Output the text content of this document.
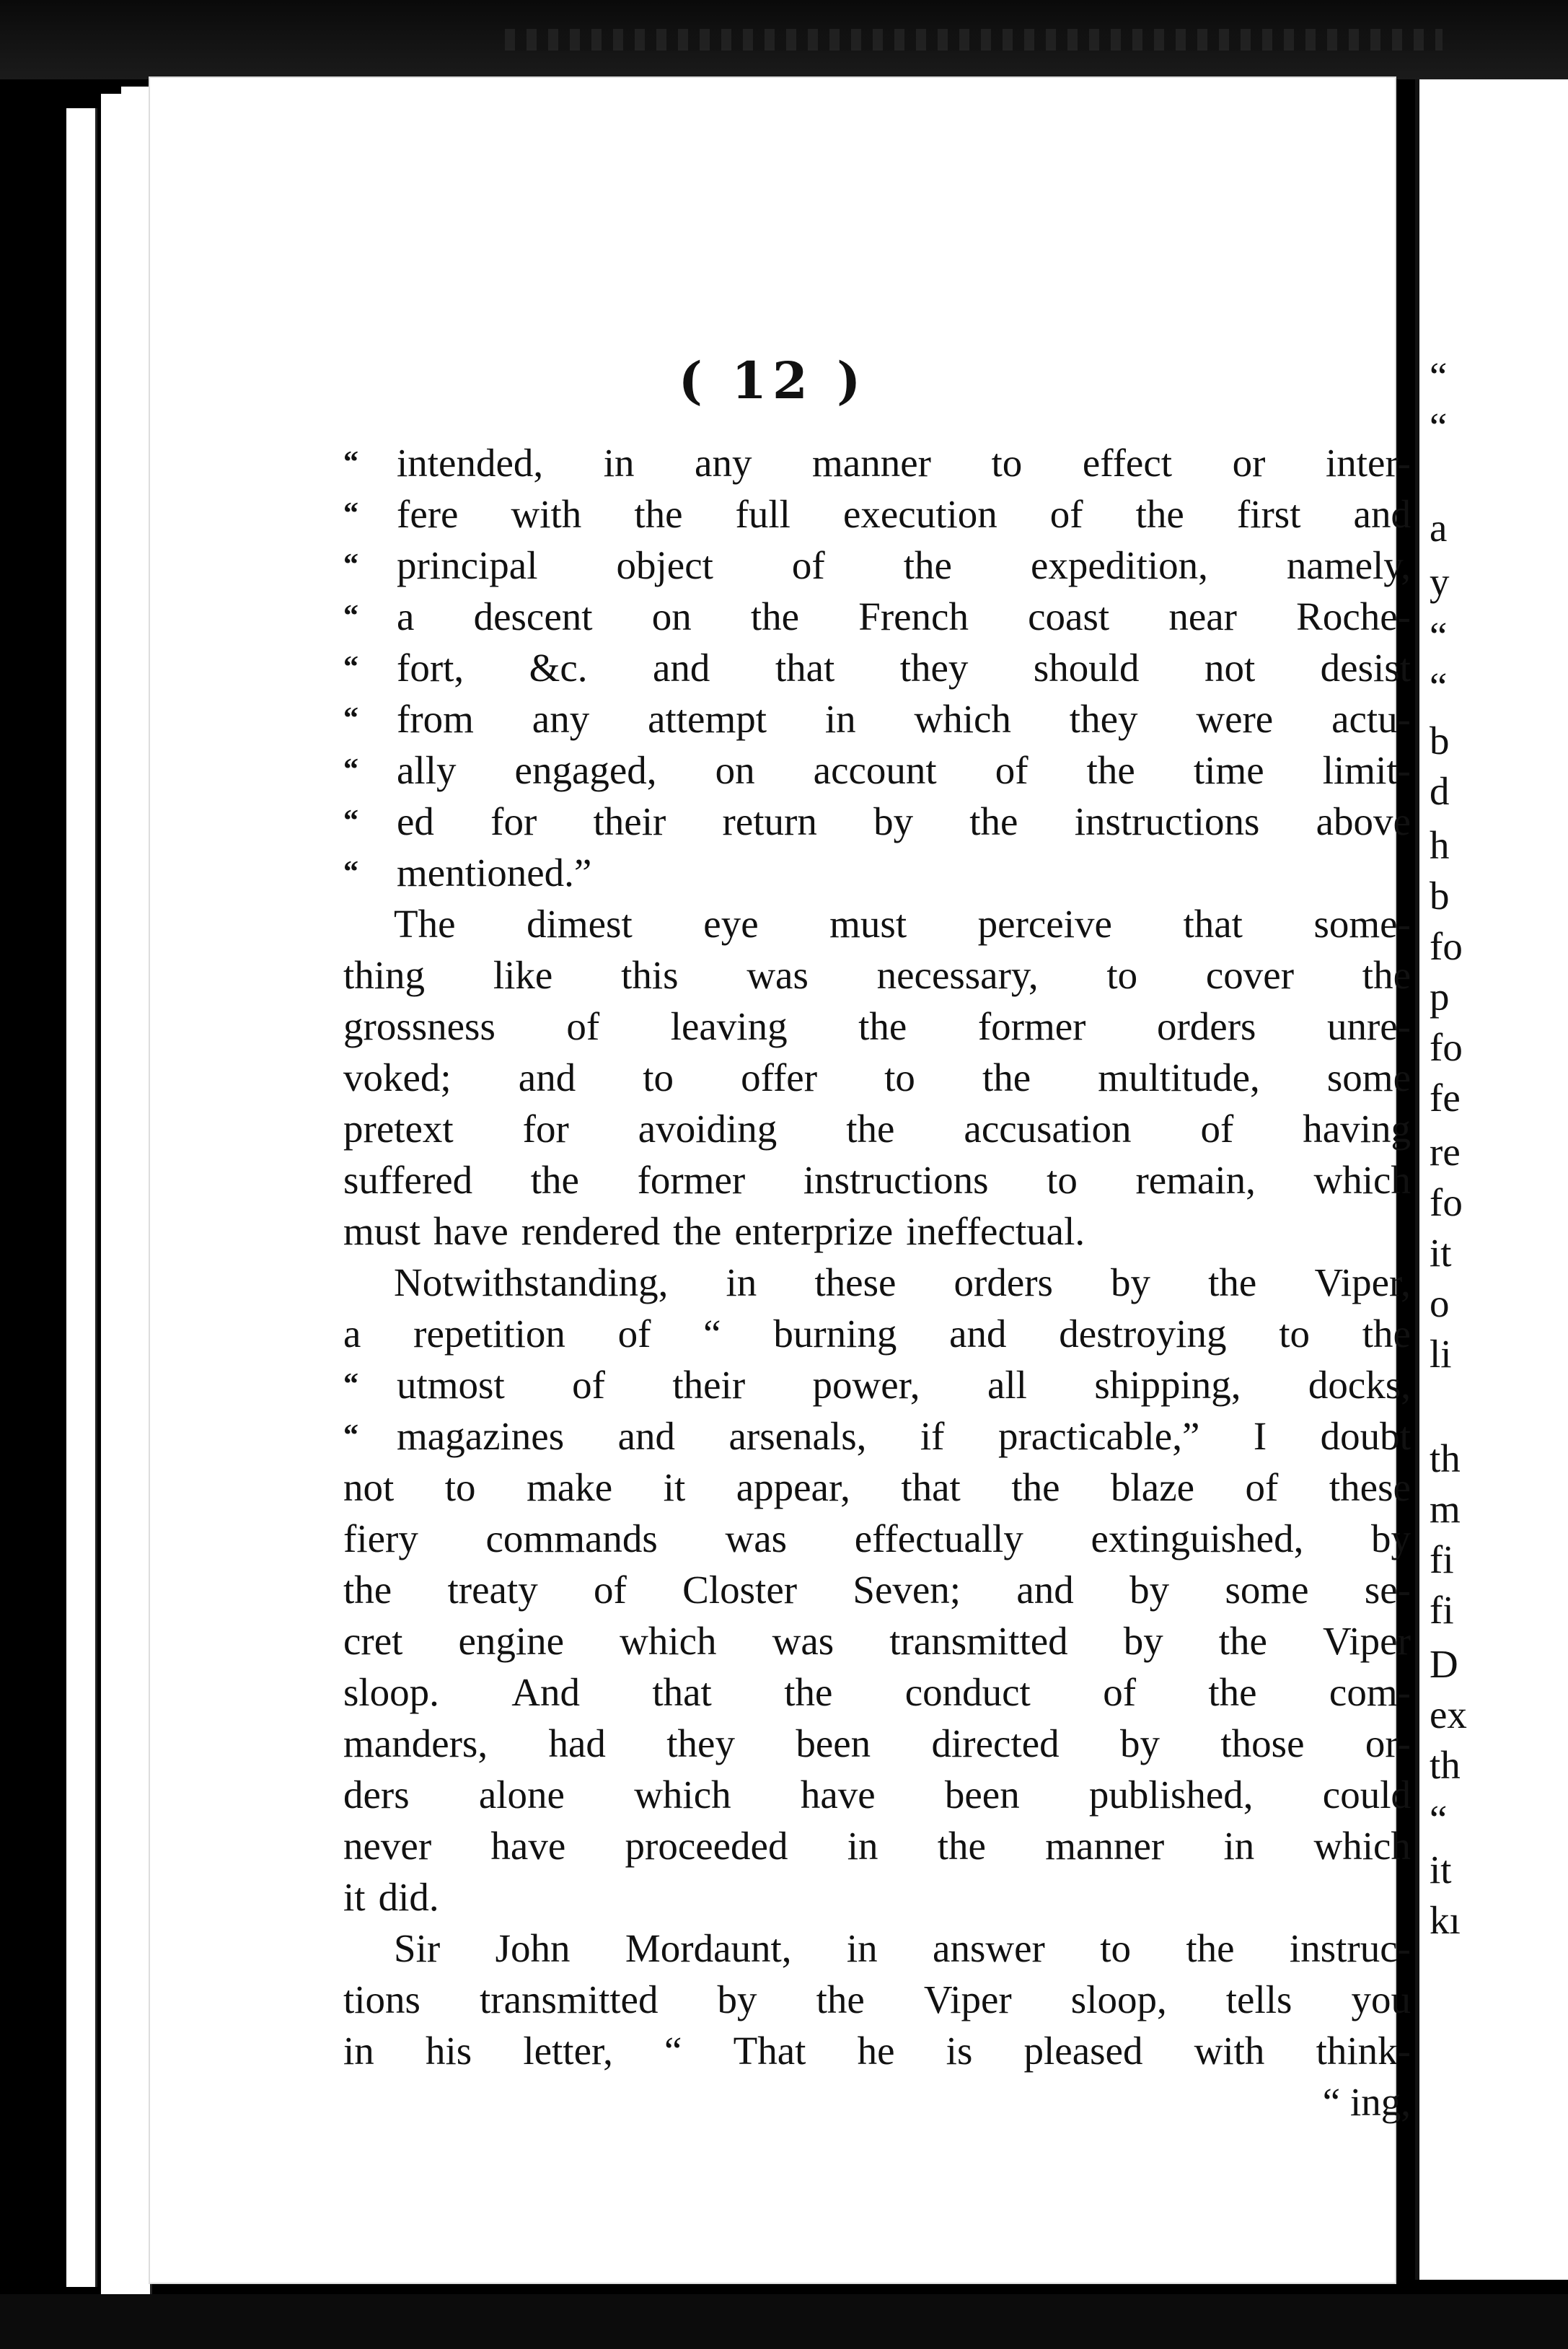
( 12 )
“ intended, in any manner to effect or inter-
“ fere with the full execution of the first and
“ principal object of the expedition, namely,
“ a descent on the French coast near Roche-
“ fort, &c. and that they should not desist
“ from any attempt in which they were actu-
“ ally engaged, on account of the time limit-
“ ed for their return by the instructions above
“ mentioned.”
The dimest eye must perceive that some-
thing like this was necessary, to cover the
grossness of leaving the former orders unre-
voked; and to offer to the multitude, some
pretext for avoiding the accusation of having
suffered the former instructions to remain, which
must have rendered the enterprize ineffectual.
Notwithstanding, in these orders by the Viper,
a repetition of “ burning and destroying to the
“ utmost of their power, all shipping, docks,
“ magazines and arsenals, if practicable,” I doubt
not to make it appear, that the blaze of these
fiery commands was effectually extinguished, by
the treaty of Closter Seven; and by some se-
cret engine which was transmitted by the Viper
sloop. And that the conduct of the com-
manders, had they been directed by those or-
ders alone which have been published, could
never have proceeded in the manner in which
it did.
Sir John Mordaunt, in answer to the instruc-
tions transmitted by the Viper sloop, tells you
in his letter, “ That he is pleased with think-
“ ing,
“
“
a
y
“
“
b
d
h
b
fo
p
fo
fe
re
fo
it
o
li
th
m
fi
fi
D
ex
th
“
it
kı
